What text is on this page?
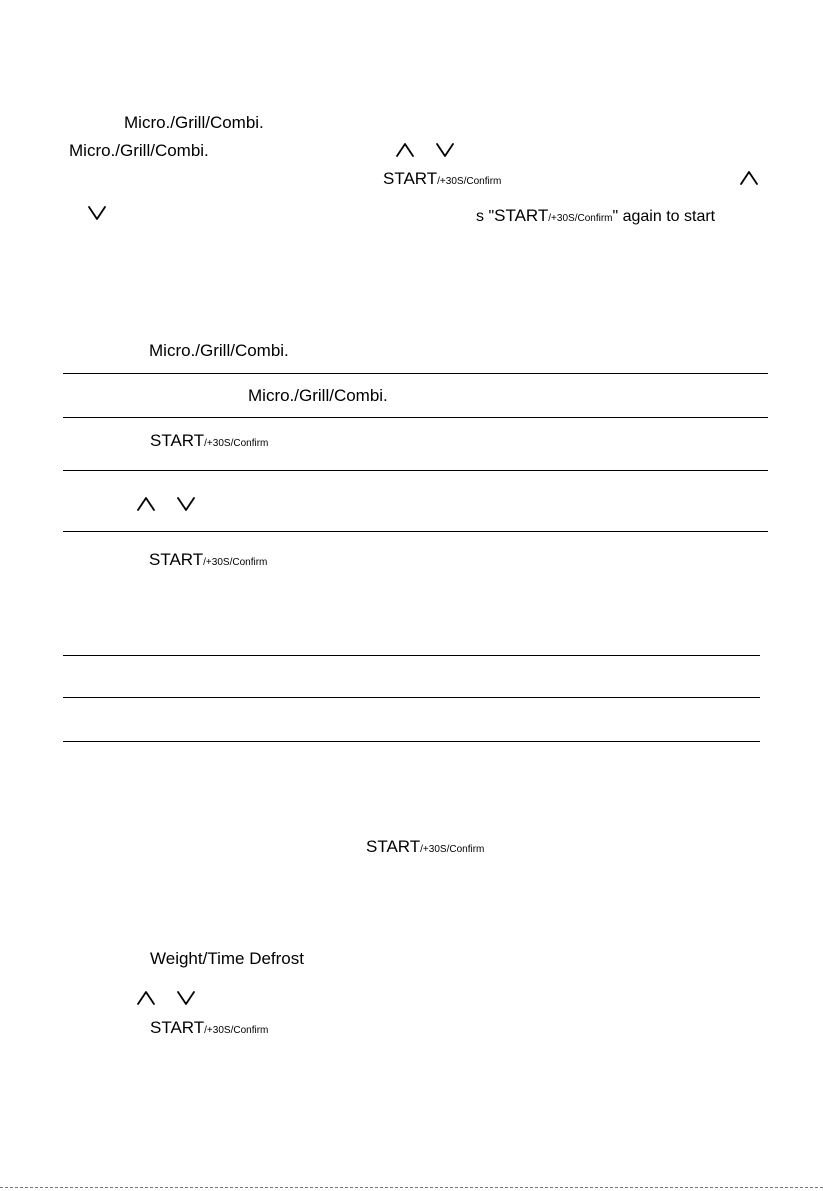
Micro./Grill/Combi.
Micro./Grill/Combi.
START/+30S/Confirm
s "START/+30S/Confirm" again to start
Micro./Grill/Combi.
Micro./Grill/Combi.
START/+30S/Confirm
START/+30S/Confirm
START/+30S/Confirm
Weight/Time Defrost
START/+30S/Confirm
